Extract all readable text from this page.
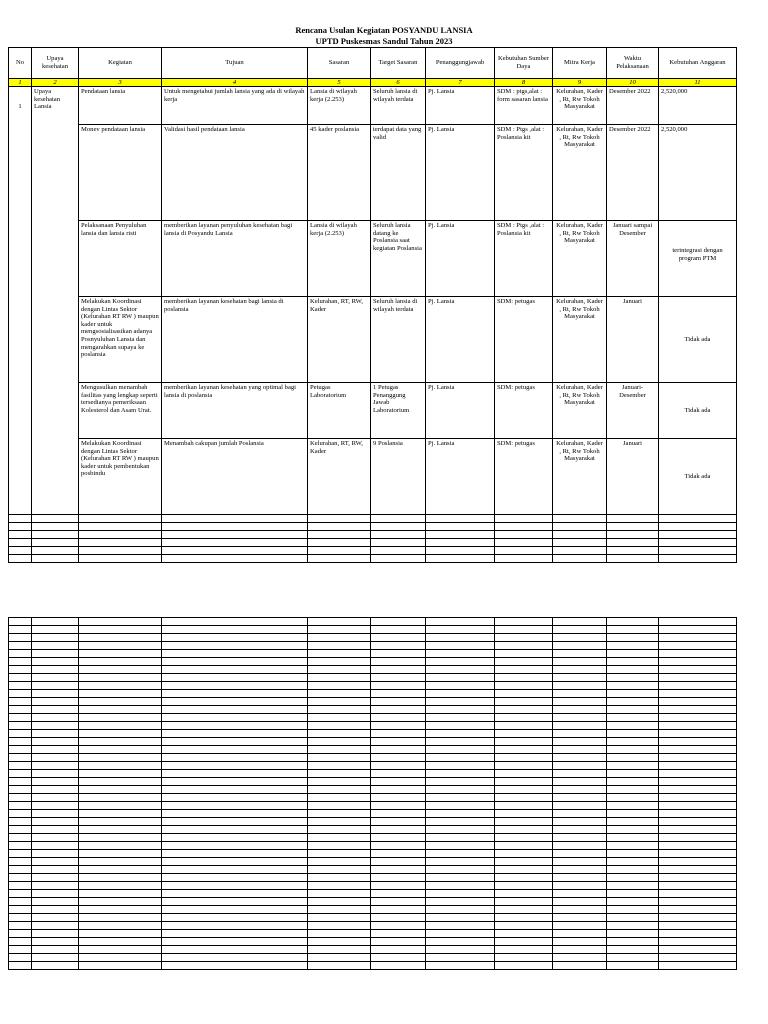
Rencana Usulan Kegiatan POSYANDU LANSIA
UPTD Puskesmas Sandul Tahun 2023
No	Upaya kesehatan	Kegiatan	Tujuan	Sasaran	Target Sasaran	Penanggungjawab	Kebutuhan Sumber Daya	Mitra Kerja	Waktu Pelaksanaan	Kebutuhan Anggaran
1	2	3	4	5	6	7	8	9	10	11
1	Upaya kesehatan Lansia	Pendataan lansia	Untuk mengetahui jumlah lansia yang ada di wilayah kerja	Lansia di wilayah kerja (2.253)	Seluruh lansia di wilayah terdata	Pj. Lansia	SDM : ptgs,alat : form sasaran lansia	Kelurahan, Kader , Rt, Rw Tokoh Masyarakat	Desember 2022	2,520,000
		Monev pendataan lansia	Validasi hasil pendataan lansia	45 kader poslansia	terdapat data yang valid	Pj. Lansia	SDM : Ptgs ,alat : Poslansia kit	Kelurahan, Kader , Rt, Rw Tokoh Masyarakat	Desember 2022	2,520,000
		Pelaksanaan Penyuluhan lansia dan lansia risti	memberikan layanan penyuluhan kesehatan bagi lansia di Posyandu Lansia	Lansia di wilayah kerja (2.253)	Seluruh lansia datang ke Poslansia saat kegiatan Poslansia	Pj. Lansia	SDM : Ptgs ,alat : Poslansia kit	Kelurahan, Kader , Rt, Rw Tokoh Masyarakat	Januari sampai Desember	terintegrasi dengan program PTM
		Melakukan Koordinasi dengan Lintas Sektor (Kelurahan RT RW ) maupun kader untuk mengsosialisasikan adanya Posnyuluhan Lansia dan mengarahkan supaya ke poslansia	memberikan layanan kesehatan bagi lansia di poslansia	Kelurahan, RT, RW, Kader	Seluruh lansia di wilayah terdata	Pj. Lansia	SDM: petugas	Kelurahan, Kader , Rt, Rw Tokoh Masyarakat	Januari	Tidak ada
		Mengusulkan menambah fasilitas yang lengkap seperti tersedianya pemeriksaan Kolesterol dan Asam Urat.	memberikan layanan kesehatan yang optimal bagi lansia di poslansia	Petugas Laboratorium	1 Petugas Penanggung Jawab Laboratorium	Pj. Lansia	SDM: petugas	Kelurahan, Kader , Rt, Rw Tokoh Masyarakat	Januari-Desember	Tidak ada
		Melakukan Koordinasi dengan Lintas Sektor (Kelurahan RT RW ) maupun kader untuk pembentukan posbindu	Menambah cakupan jumlah Poslansia	Kelurahan, RT, RW, Kader	9 Poslansia	Pj. Lansia	SDM: petugas	Kelurahan, Kader , Rt, Rw Tokoh Masyarakat	Januari	Tidak ada
